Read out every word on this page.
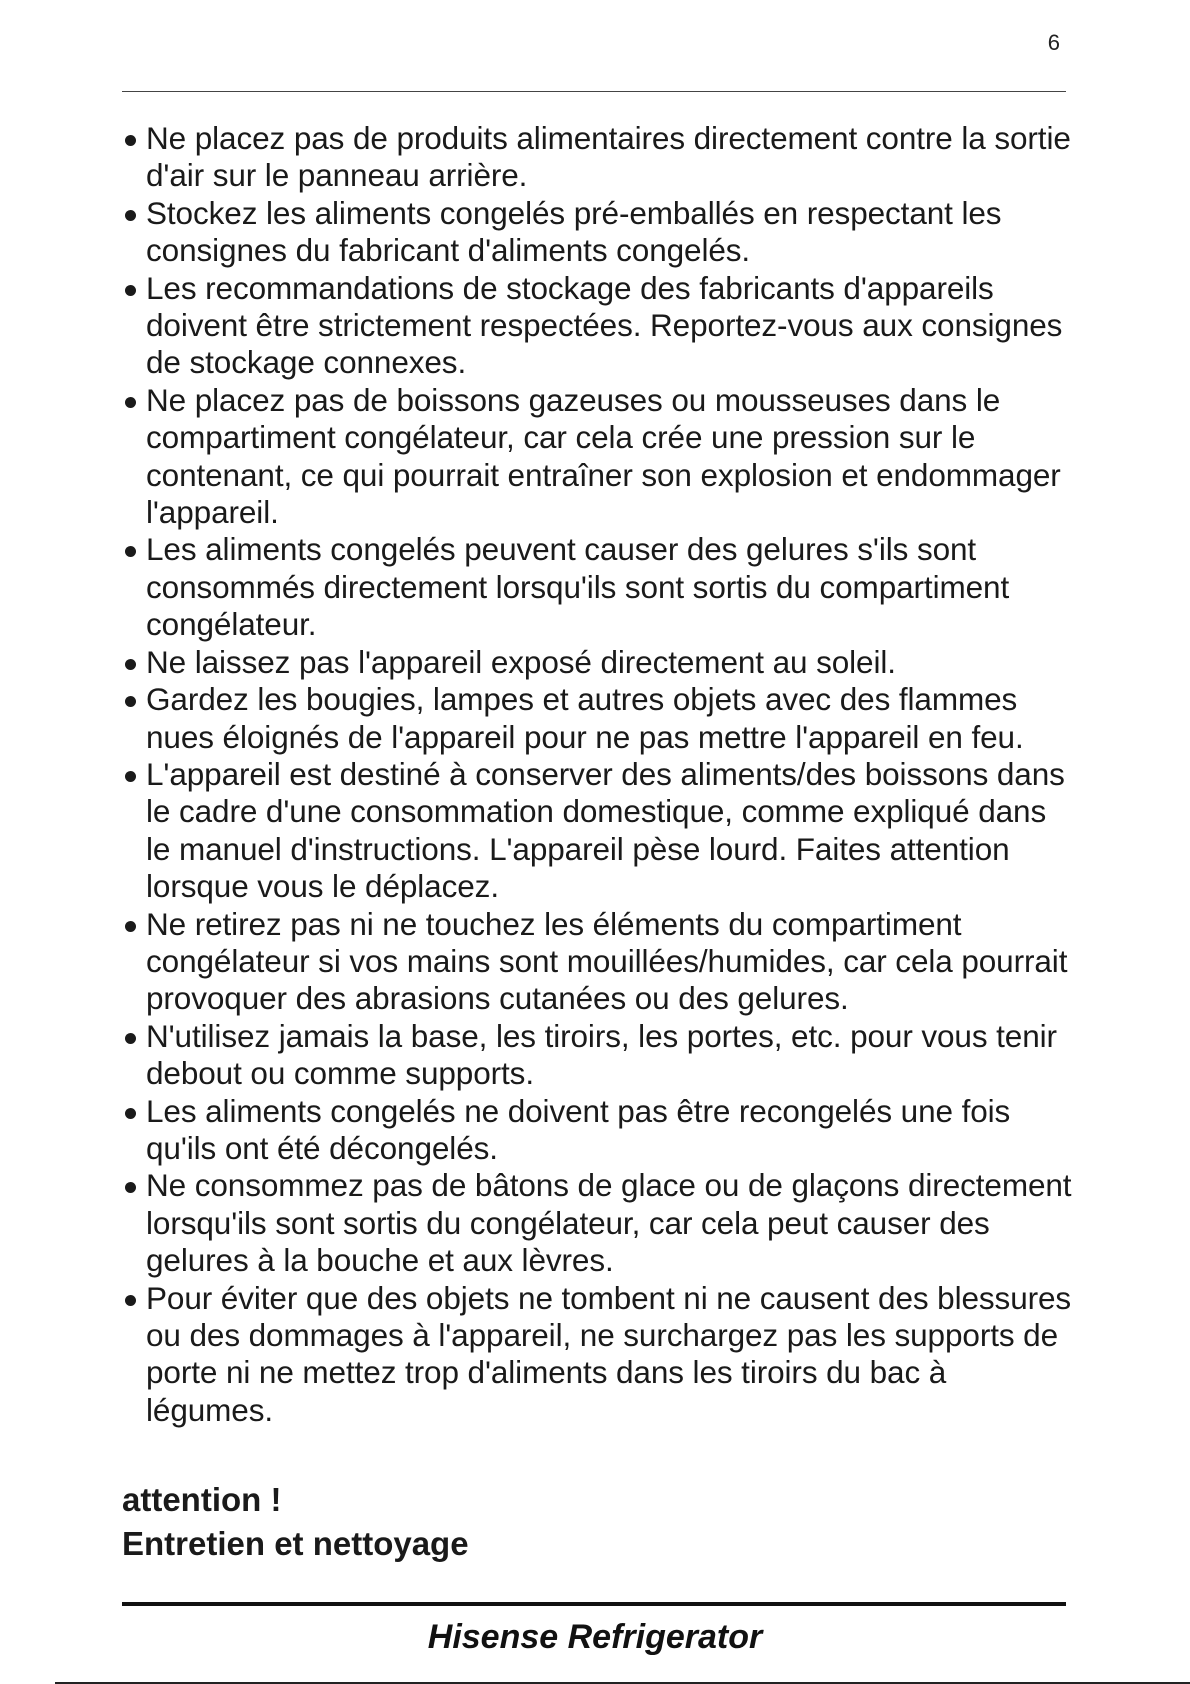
6
Ne placez pas de produits alimentaires directement contre la sortie d'air sur le panneau arrière.
Stockez les aliments congelés pré-emballés en respectant les consignes du fabricant d'aliments congelés.
Les recommandations de stockage des fabricants d'appareils doivent être strictement respectées. Reportez-vous aux consignes de stockage connexes.
Ne placez pas de boissons gazeuses ou mousseuses dans le compartiment congélateur, car cela crée une pression sur le contenant, ce qui pourrait entraîner son explosion et endommager l'appareil.
Les aliments congelés peuvent causer des gelures s'ils sont consommés directement lorsqu'ils sont sortis du compartiment congélateur.
Ne laissez pas l'appareil exposé directement au soleil.
Gardez les bougies, lampes et autres objets avec des flammes nues éloignés de l'appareil pour ne pas mettre l'appareil en feu.
L'appareil est destiné à conserver des aliments/des boissons dans le cadre d'une consommation domestique, comme expliqué dans le manuel d'instructions. L'appareil pèse lourd. Faites attention lorsque vous le déplacez.
Ne retirez pas ni ne touchez les éléments du compartiment congélateur si vos mains sont mouillées/humides, car cela pourrait provoquer des abrasions cutanées ou des gelures.
N'utilisez jamais la base, les tiroirs, les portes, etc. pour vous tenir debout ou comme supports.
Les aliments congelés ne doivent pas être recongelés une fois qu'ils ont été décongelés.
Ne consommez pas de bâtons de glace ou de glaçons directement lorsqu'ils sont sortis du congélateur, car cela peut causer des gelures à la bouche et aux lèvres.
Pour éviter que des objets ne tombent ni ne causent des blessures ou des dommages à l'appareil, ne surchargez pas les supports de porte ni ne mettez trop d'aliments dans les tiroirs du bac à légumes.
attention !
Entretien et nettoyage
Hisense Refrigerator
